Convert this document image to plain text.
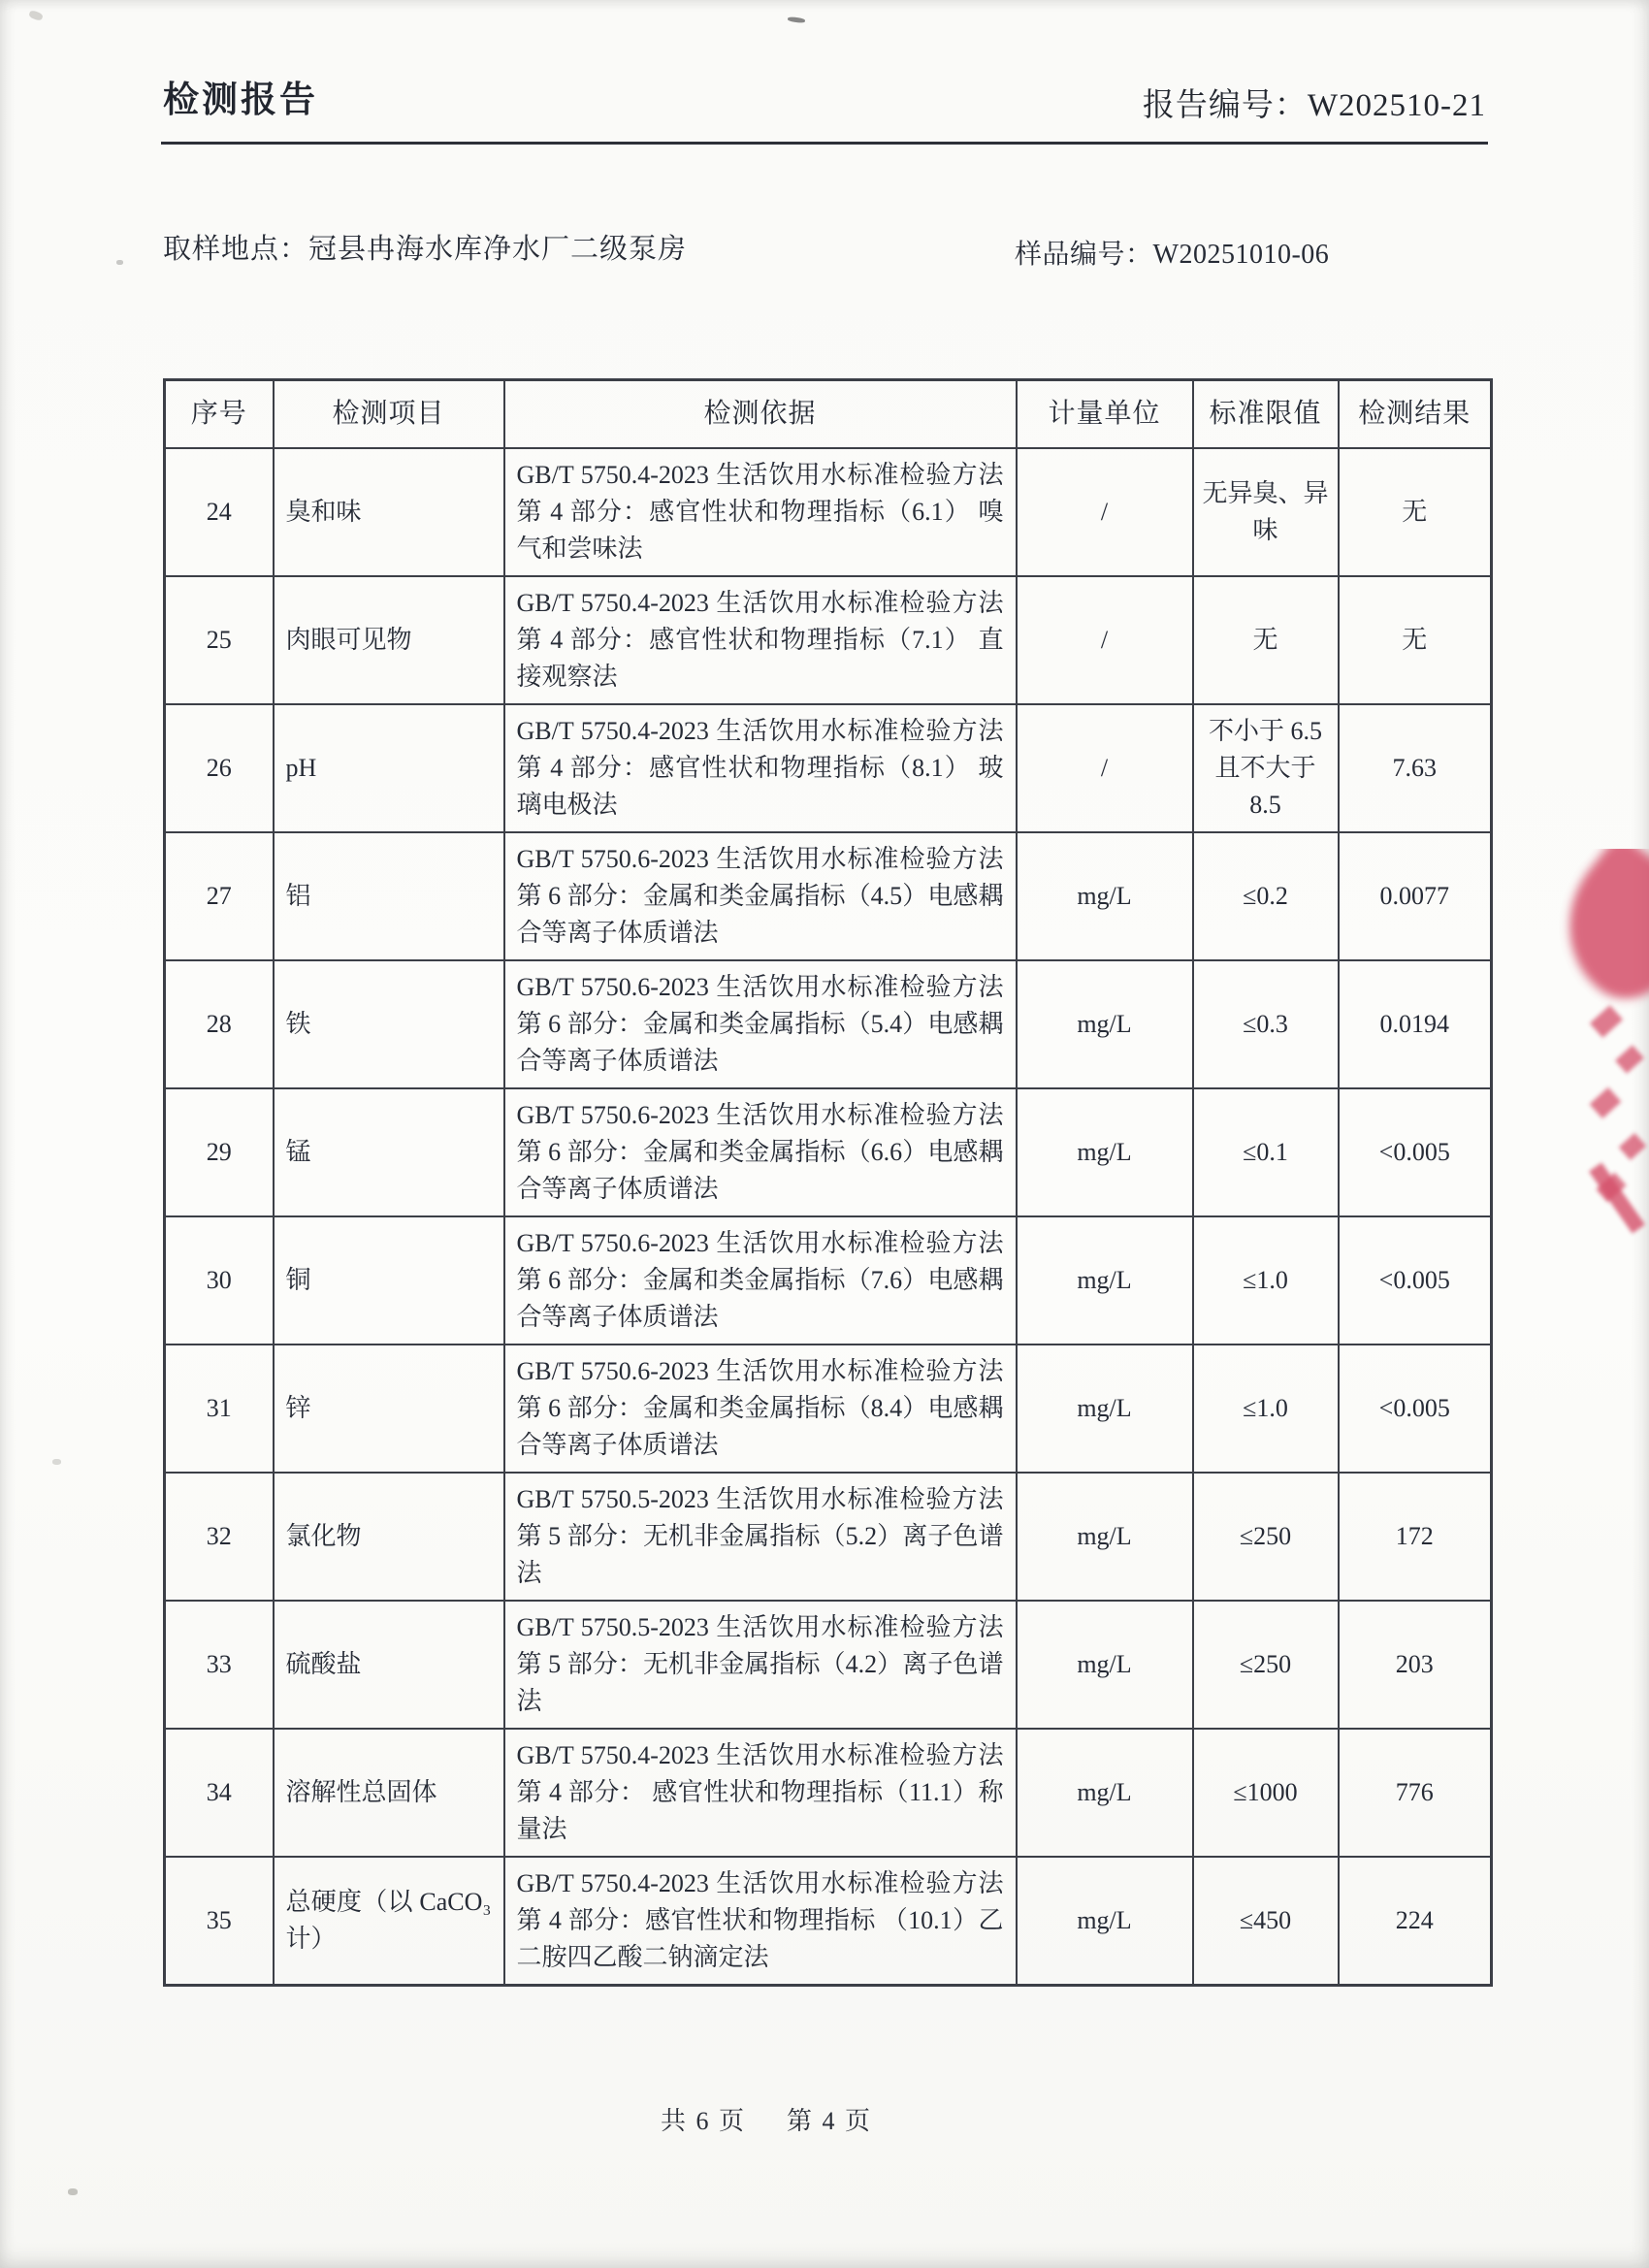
检测报告	报告编号：W202510-21
取样地点：冠县冉海水库净水厂二级泵房	样品编号：W20251010-06
序号	检测项目	检测依据	计量单位	标准限值	检测结果
24	臭和味	GB/T 5750.4-2023 生活饮用水标准检验方法 第 4 部分：感官性状和物理指标（6.1） 嗅气和尝味法	/	无异臭、异味	无
25	肉眼可见物	GB/T 5750.4-2023 生活饮用水标准检验方法 第 4 部分：感官性状和物理指标（7.1） 直接观察法	/	无	无
26	pH	GB/T 5750.4-2023 生活饮用水标准检验方法 第 4 部分：感官性状和物理指标（8.1） 玻璃电极法	/	不小于 6.5 且不大于 8.5	7.63
27	铝	GB/T 5750.6-2023 生活饮用水标准检验方法 第 6 部分：金属和类金属指标（4.5）电感耦合等离子体质谱法	mg/L	≤0.2	0.0077
28	铁	GB/T 5750.6-2023 生活饮用水标准检验方法 第 6 部分：金属和类金属指标（5.4）电感耦合等离子体质谱法	mg/L	≤0.3	0.0194
29	锰	GB/T 5750.6-2023 生活饮用水标准检验方法 第 6 部分：金属和类金属指标（6.6）电感耦合等离子体质谱法	mg/L	≤0.1	<0.005
30	铜	GB/T 5750.6-2023 生活饮用水标准检验方法 第 6 部分：金属和类金属指标（7.6）电感耦合等离子体质谱法	mg/L	≤1.0	<0.005
31	锌	GB/T 5750.6-2023 生活饮用水标准检验方法 第 6 部分：金属和类金属指标（8.4）电感耦合等离子体质谱法	mg/L	≤1.0	<0.005
32	氯化物	GB/T 5750.5-2023 生活饮用水标准检验方法 第 5 部分：无机非金属指标（5.2）离子色谱法	mg/L	≤250	172
33	硫酸盐	GB/T 5750.5-2023 生活饮用水标准检验方法 第 5 部分：无机非金属指标（4.2）离子色谱法	mg/L	≤250	203
34	溶解性总固体	GB/T 5750.4-2023 生活饮用水标准检验方法 第 4 部分： 感官性状和物理指标（11.1）称量法	mg/L	≤1000	776
35	总硬度（以 CaCO₃ 计）	GB/T 5750.4-2023 生活饮用水标准检验方法 第 4 部分：感官性状和物理指标 （10.1）乙二胺四乙酸二钠滴定法	mg/L	≤450	224
共 6 页 第 4 页
